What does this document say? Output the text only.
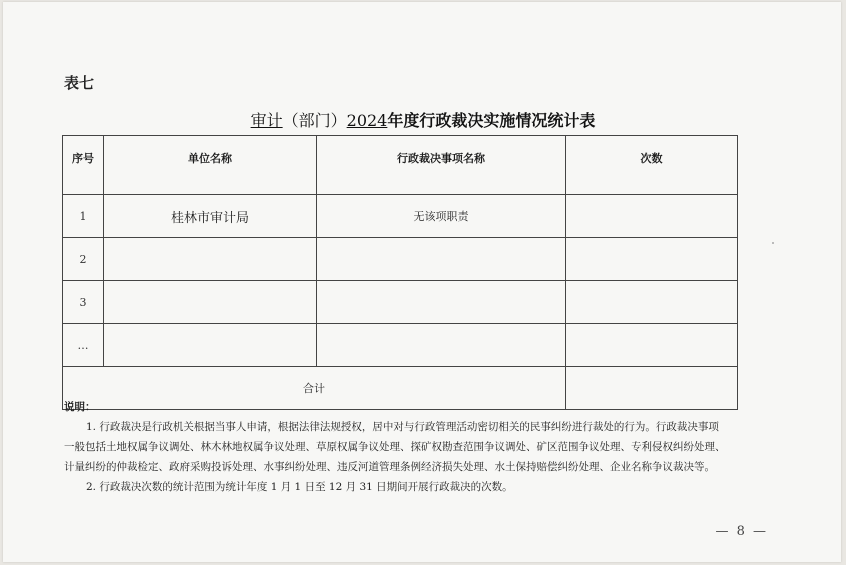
表七
审计（部门）2024年度行政裁决实施情况统计表
序号	单位名称	行政裁决事项名称	次数
1	桂林市审计局	无该项职责	
2			
3			
…			
合计			
说明：

1. 行政裁决是行政机关根据当事人申请，根据法律法规授权，居中对与行政管理活动密切相关的民事纠纷进行裁处的行为。行政裁决事项

一般包括土地权属争议调处、林木林地权属争议处理、草原权属争议处理、探矿权勘查范围争议调处、矿区范围争议处理、专利侵权纠纷处理、

计量纠纷的仲裁检定、政府采购投诉处理、水事纠纷处理、违反河道管理条例经济损失处理、水土保持赔偿纠纷处理、企业名称争议裁决等。

2. 行政裁决次数的统计范围为统计年度 1 月 1 日至 12 月 31 日期间开展行政裁决的次数。

— 8 —
